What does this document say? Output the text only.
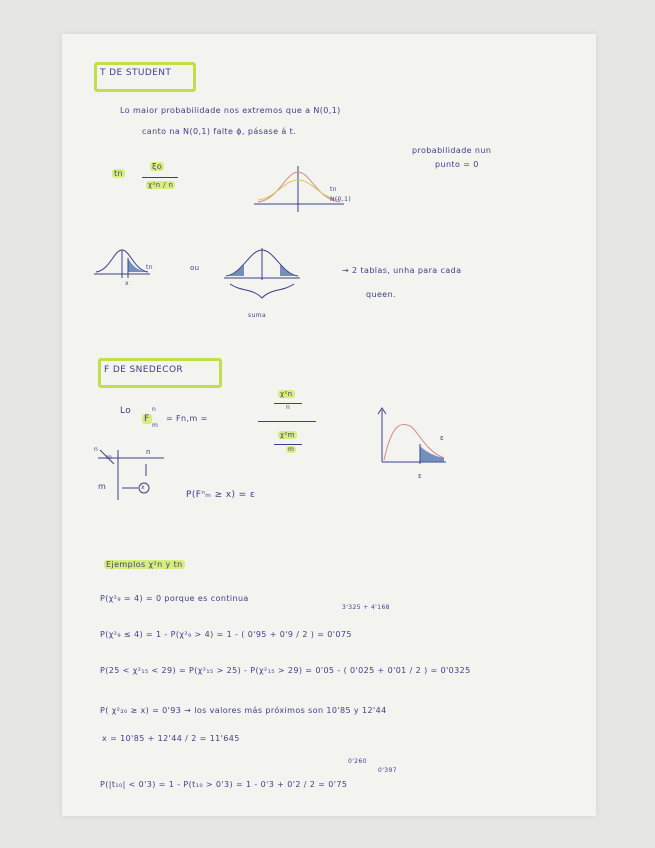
T DE STUDENT
Lo maior probabilidade nos extremos que a N(0,1)
canto na N(0,1) falte ϕ, pásase á t.
probabilidade nun
punto = 0
tn
ξo
χ²n / n
tn
N(0,1)
tn
x
ou
suma
→ 2 tablas, unha para cada
queen.
F DE SNEDECOR
Lo
F
n
m
= Fn,m =
χ²n
n
χ²m
m
n
m
n
m	x
P(Fⁿₘ ≥ x) = ε
ε
ε
Ejemplos χ²n y tn
P(χ²₉ = 4) = 0 porque es continua
3'325 + 4'168
P(χ²₉ ≤ 4) = 1 - P(χ²₉ > 4) = 1 - ( 0'95 + 0'9 / 2 ) = 0'075
P(25 < χ²₁₅ < 29) = P(χ²₁₅ > 25) - P(χ²₁₅ > 29) = 0'05 - ( 0'025 + 0'01 / 2 ) = 0'0325
P( χ²₂₀ ≥ x) = 0'93 → los valores más próximos son 10'85 y 12'44
x = 10'85 + 12'44 / 2 = 11'645
0'260
0'397
P(|t₁₀| < 0'3) = 1 - P(t₁₀ > 0'3) = 1 - 0'3 + 0'2 / 2 = 0'75
